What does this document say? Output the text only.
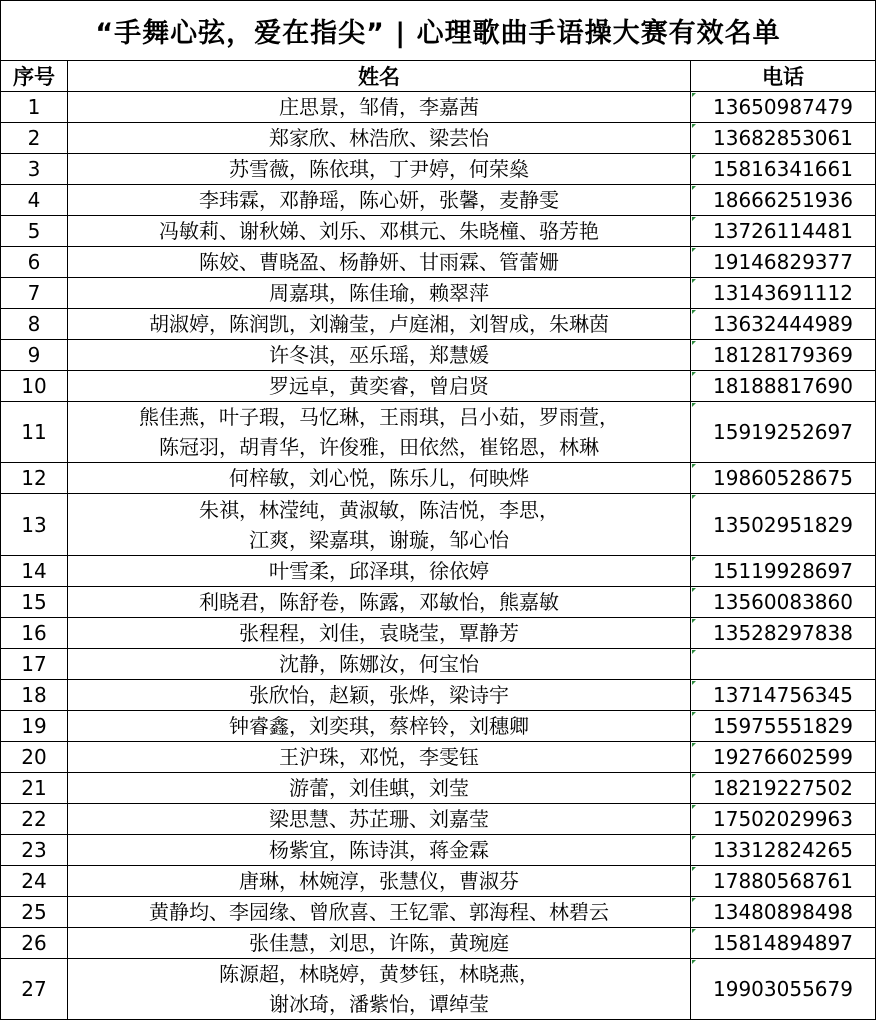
“手舞心弦，爱在指尖” | 心理歌曲手语操大赛有效名单		
序号	姓名	电话
1	庄思景，邹倩，李嘉茜	13650987479
2	郑家欣、林浩欣、梁芸怡	13682853061
3	苏雪薇，陈依琪，丁尹婷，何荣燊	15816341661
4	李玮霖，邓静瑶，陈心妍，张馨，麦静雯	18666251936
5	冯敏莉、谢秋娣、刘乐、邓棋元、朱晓橦、骆芳艳	13726114481
6	陈姣、曹晓盈、杨静妍、甘雨霖、管蕾姗	19146829377
7	周嘉琪，陈佳瑜，赖翠萍	13143691112
8	胡淑婷，陈润凯，刘瀚莹，卢庭湘，刘智成，朱琳茵	13632444989
9	许冬淇，巫乐瑶，郑慧媛	18128179369
10	罗远卓，黄奕睿，曾启贤	18188817690
11	熊佳燕，叶子瑕，马忆琳，王雨琪，吕小茹，罗雨萱，
陈冠羽，胡青华，许俊雅，田依然，崔铭恩，林琳	15919252697
12	何梓敏，刘心悦，陈乐儿，何映烨	19860528675
13	朱祺，林滢纯，黄淑敏，陈洁悦，李思，
江爽，梁嘉琪，谢璇，邹心怡	13502951829
14	叶雪柔，邱泽琪，徐依婷	15119928697
15	利晓君，陈舒卷，陈露，邓敏怡，熊嘉敏	13560083860
16	张程程，刘佳，袁晓莹，覃静芳	13528297838
17	沈静，陈娜汝，何宝怡	
18	张欣怡，赵颖，张烨，梁诗宇	13714756345
19	钟睿鑫，刘奕琪，蔡梓铃，刘穗卿	15975551829
20	王沪珠，邓悦，李雯钰	19276602599
21	游蕾，刘佳蜞，刘莹	18219227502
22	梁思慧、苏芷珊、刘嘉莹	17502029963
23	杨紫宜，陈诗淇，蒋金霖	13312824265
24	唐琳，林婉淳，张慧仪，曹淑芬	17880568761
25	黄静均、李园缘、曾欣喜、王钇霏、郭海程、林碧云	13480898498
26	张佳慧，刘思，许陈，黄琬庭	15814894897
27	陈源超，林晓婷，黄梦钰，林晓燕，
谢冰琦，潘紫怡，谭绰莹	19903055679
